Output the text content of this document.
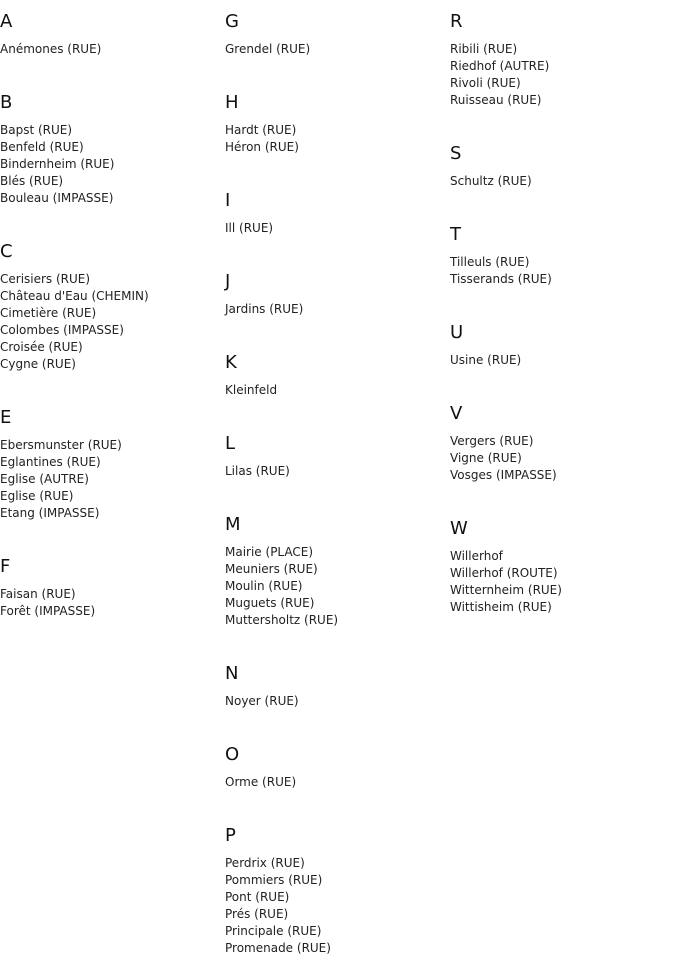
A
Anémones (RUE)
B
Bapst (RUE)
Benfeld (RUE)
Bindernheim (RUE)
Blés (RUE)
Bouleau (IMPASSE)
C
Cerisiers (RUE)
Château d'Eau (CHEMIN)
Cimetière (RUE)
Colombes (IMPASSE)
Croisée (RUE)
Cygne (RUE)
E
Ebersmunster (RUE)
Eglantines (RUE)
Eglise (AUTRE)
Eglise (RUE)
Etang (IMPASSE)
F
Faisan (RUE)
Forêt (IMPASSE)
G
Grendel (RUE)
H
Hardt (RUE)
Héron (RUE)
I
Ill (RUE)
J
Jardins (RUE)
K
Kleinfeld
L
Lilas (RUE)
M
Mairie (PLACE)
Meuniers (RUE)
Moulin (RUE)
Muguets (RUE)
Muttersholtz (RUE)
N
Noyer (RUE)
O
Orme (RUE)
P
Perdrix (RUE)
Pommiers (RUE)
Pont (RUE)
Prés (RUE)
Principale (RUE)
Promenade (RUE)
R
Ribili (RUE)
Riedhof (AUTRE)
Rivoli (RUE)
Ruisseau (RUE)
S
Schultz (RUE)
T
Tilleuls (RUE)
Tisserands (RUE)
U
Usine (RUE)
V
Vergers (RUE)
Vigne (RUE)
Vosges (IMPASSE)
W
Willerhof
Willerhof (ROUTE)
Witternheim (RUE)
Wittisheim (RUE)
